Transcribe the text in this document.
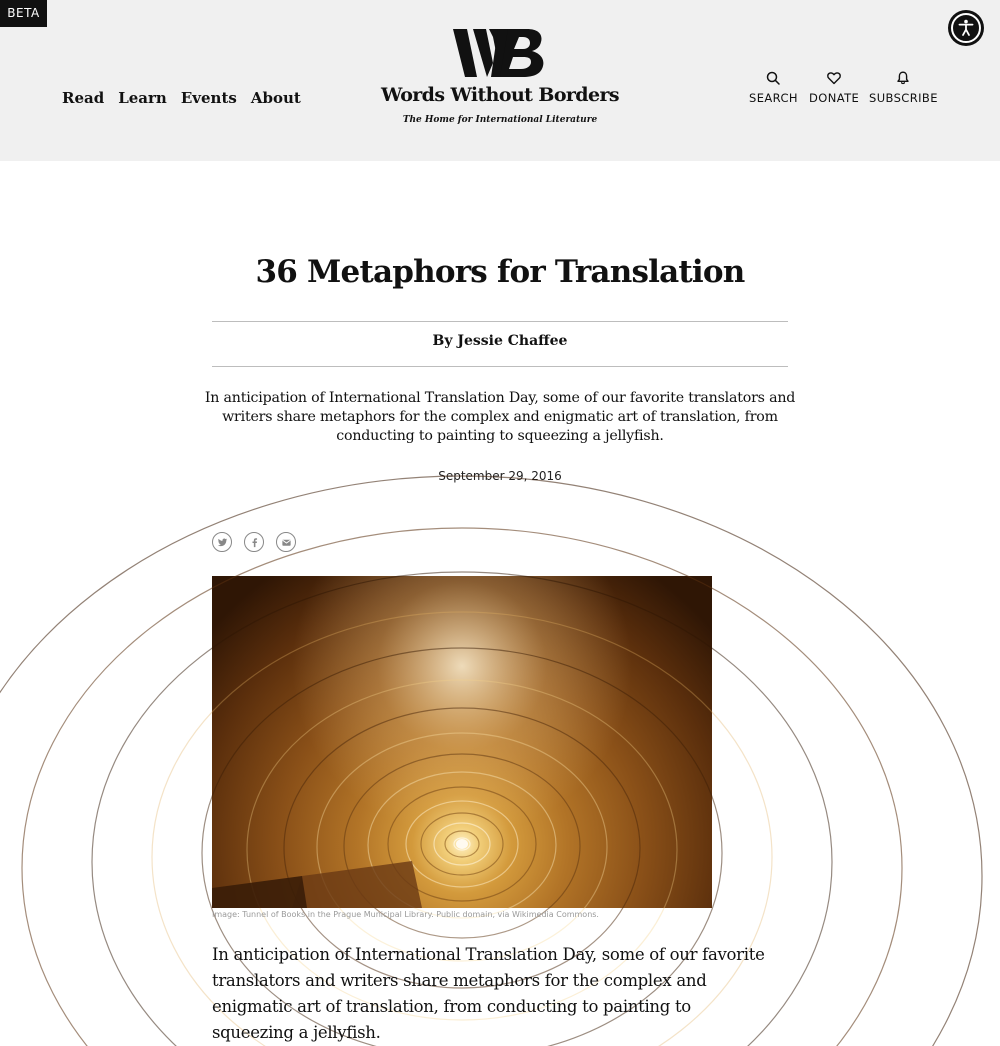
BETA
Read Learn Events About	Words Without Borders
The Home for International Literature
SEARCH DONATE SUBSCRIBE
36 Metaphors for Translation
By Jessie Chaffee

In anticipation of International Translation Day, some of our favorite translators and writers share metaphors for the complex and enigmatic art of translation, from conducting to painting to squeezing a jellyfish.

September 29, 2016
Image: Tunnel of Books in the Prague Municipal Library. Public domain, via Wikimedia Commons.

In anticipation of International Translation Day, some of our favorite translators and writers share metaphors for the complex and enigmatic art of translation, from conducting to painting to squeezing a jellyfish.
